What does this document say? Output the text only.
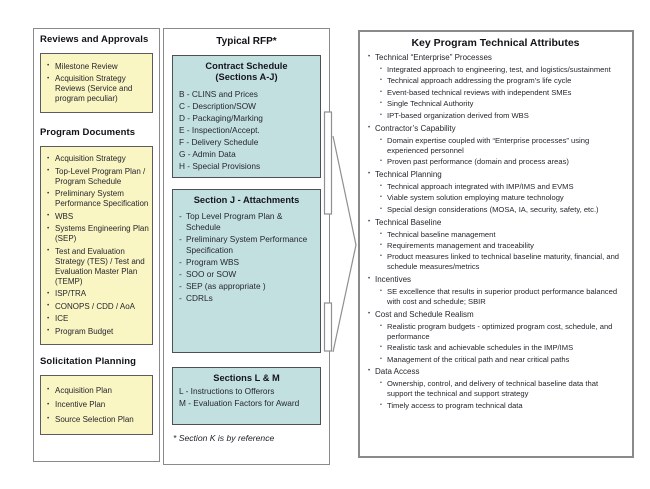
Reviews and Approvals
• Milestone Review
• Acquisition Strategy Reviews (Service and program peculiar)
Program Documents
• Acquisition Strategy
• Top-Level Program Plan / Program Schedule
• Preliminary System Performance Specification
• WBS
• Systems Engineering Plan (SEP)
• Test and Evaluation Strategy (TES) / Test and Evaluation Master Plan (TEMP)
• ISP/TRA
• CONOPS / CDD / AoA
• ICE
• Program Budget
Solicitation Planning
• Acquisition Plan
• Incentive Plan
• Source Selection Plan
Typical RFP*
Contract Schedule
(Sections A-J)
B - CLINS and Prices
C - Description/SOW
D - Packaging/Marking
E - Inspection/Accept.
F - Delivery Schedule
G - Admin Data
H - Special Provisions
Section J - Attachments
- Top Level Program Plan & Schedule
- Preliminary System Performance Specification
- Program WBS
- SOO or SOW
- SEP (as appropriate )
- CDRLs
Sections L & M
L - Instructions to Offerors
M - Evaluation Factors for Award
* Section K is by reference
Key Program Technical Attributes
• Technical “Enterprise” Processes
• Integrated approach to engineering, test, and logistics/sustainment
• Technical approach addressing the program’s life cycle
• Event-based technical reviews with independent SMEs
• Single Technical Authority
• IPT-based organization derived from WBS
• Contractor’s Capability
• Domain expertise coupled with “Enterprise processes” using experienced personnel
• Proven past performance (domain and process areas)
• Technical Planning
• Technical approach integrated with IMP/IMS and EVMS
• Viable system solution employing mature technology
• Special design considerations (MOSA, IA, security, safety, etc.)
• Technical Baseline
• Technical baseline management
• Requirements management and traceability
• Product measures linked to technical baseline maturity, financial, and schedule measures/metrics
• Incentives
• SE excellence that results in superior product performance balanced with cost and schedule; SBIR
• Cost and Schedule Realism
• Realistic program budgets - optimized program cost, schedule, and performance
• Realistic task and achievable schedules in the IMP/IMS
• Management of the critical path and near critical paths
• Data Access
• Ownership, control, and delivery of technical baseline data that support the technical and support strategy
• Timely access to program technical data
